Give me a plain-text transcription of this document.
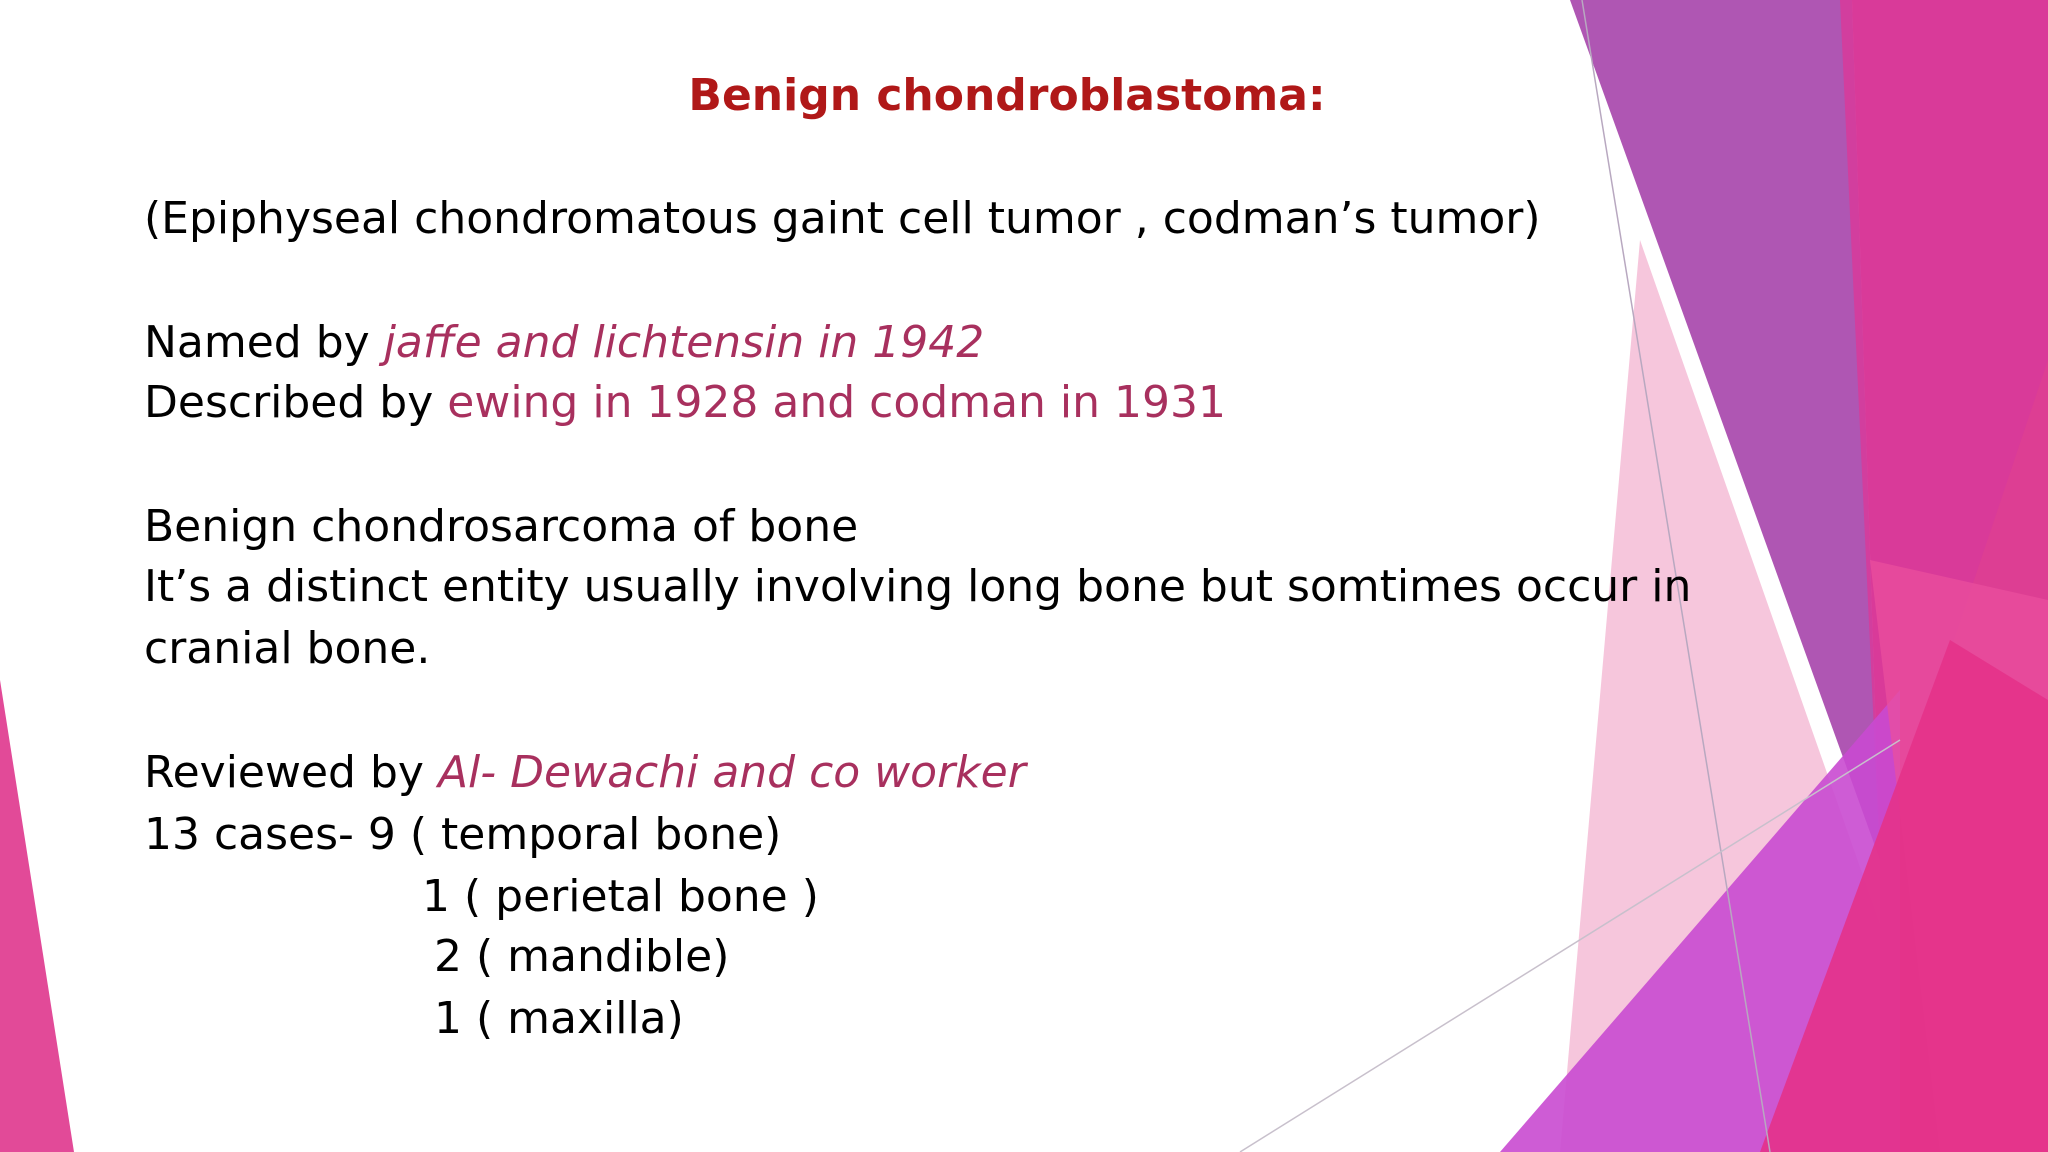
Benign chondroblastoma:
(Epiphyseal chondromatous gaint cell tumor , codman’s tumor)
Named by jaffe and lichtensin in 1942
Described by ewing in 1928 and codman in 1931
Benign chondrosarcoma of bone
It’s a distinct entity usually involving long bone but somtimes occur in
cranial bone.
Reviewed by Al- Dewachi and co worker
13 cases- 9 ( temporal bone)
1 ( perietal bone )
2 ( mandible)
1 ( maxilla)
